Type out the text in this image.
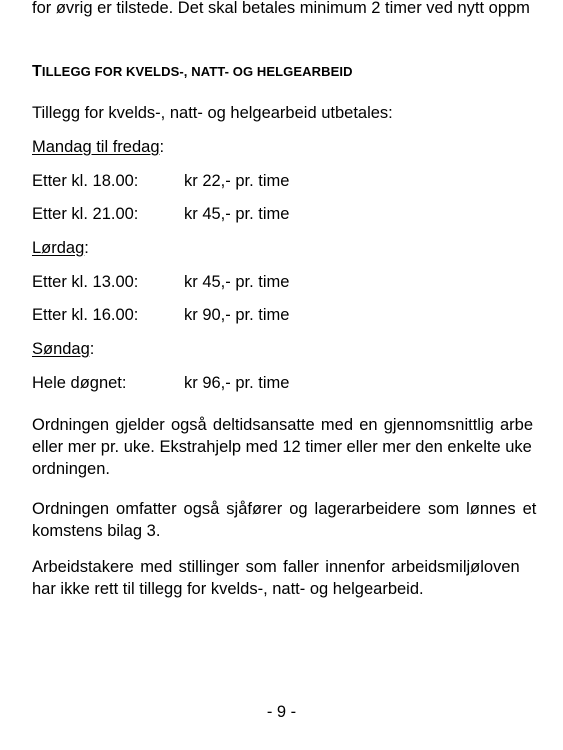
for øvrig er tilstede. Det skal betales minimum 2 timer ved nytt oppm
TILLEGG FOR KVELDS-, NATT- OG HELGEARBEID
Tillegg for kvelds-, natt- og helgearbeid utbetales:
Mandag til fredag:
Etter kl. 18.00:	kr 22,- pr. time
Etter kl. 21.00:	kr 45,- pr. time
Lørdag:
Etter kl. 13.00:	kr 45,- pr. time
Etter kl. 16.00:	kr 90,- pr. time
Søndag:
Hele døgnet:	kr 96,- pr. time
Ordningen gjelder også deltidsansatte med en gjennomsnittlig arbe
eller mer pr. uke. Ekstrahjelp med 12 timer eller mer den enkelte uke
ordningen.
Ordningen omfatter også sjåfører og lagerarbeidere som lønnes et
komstens bilag 3.
Arbeidstakere med stillinger som faller innenfor arbeidsmiljøloven
har ikke rett til tillegg for kvelds-, natt- og helgearbeid.
- 9 -
